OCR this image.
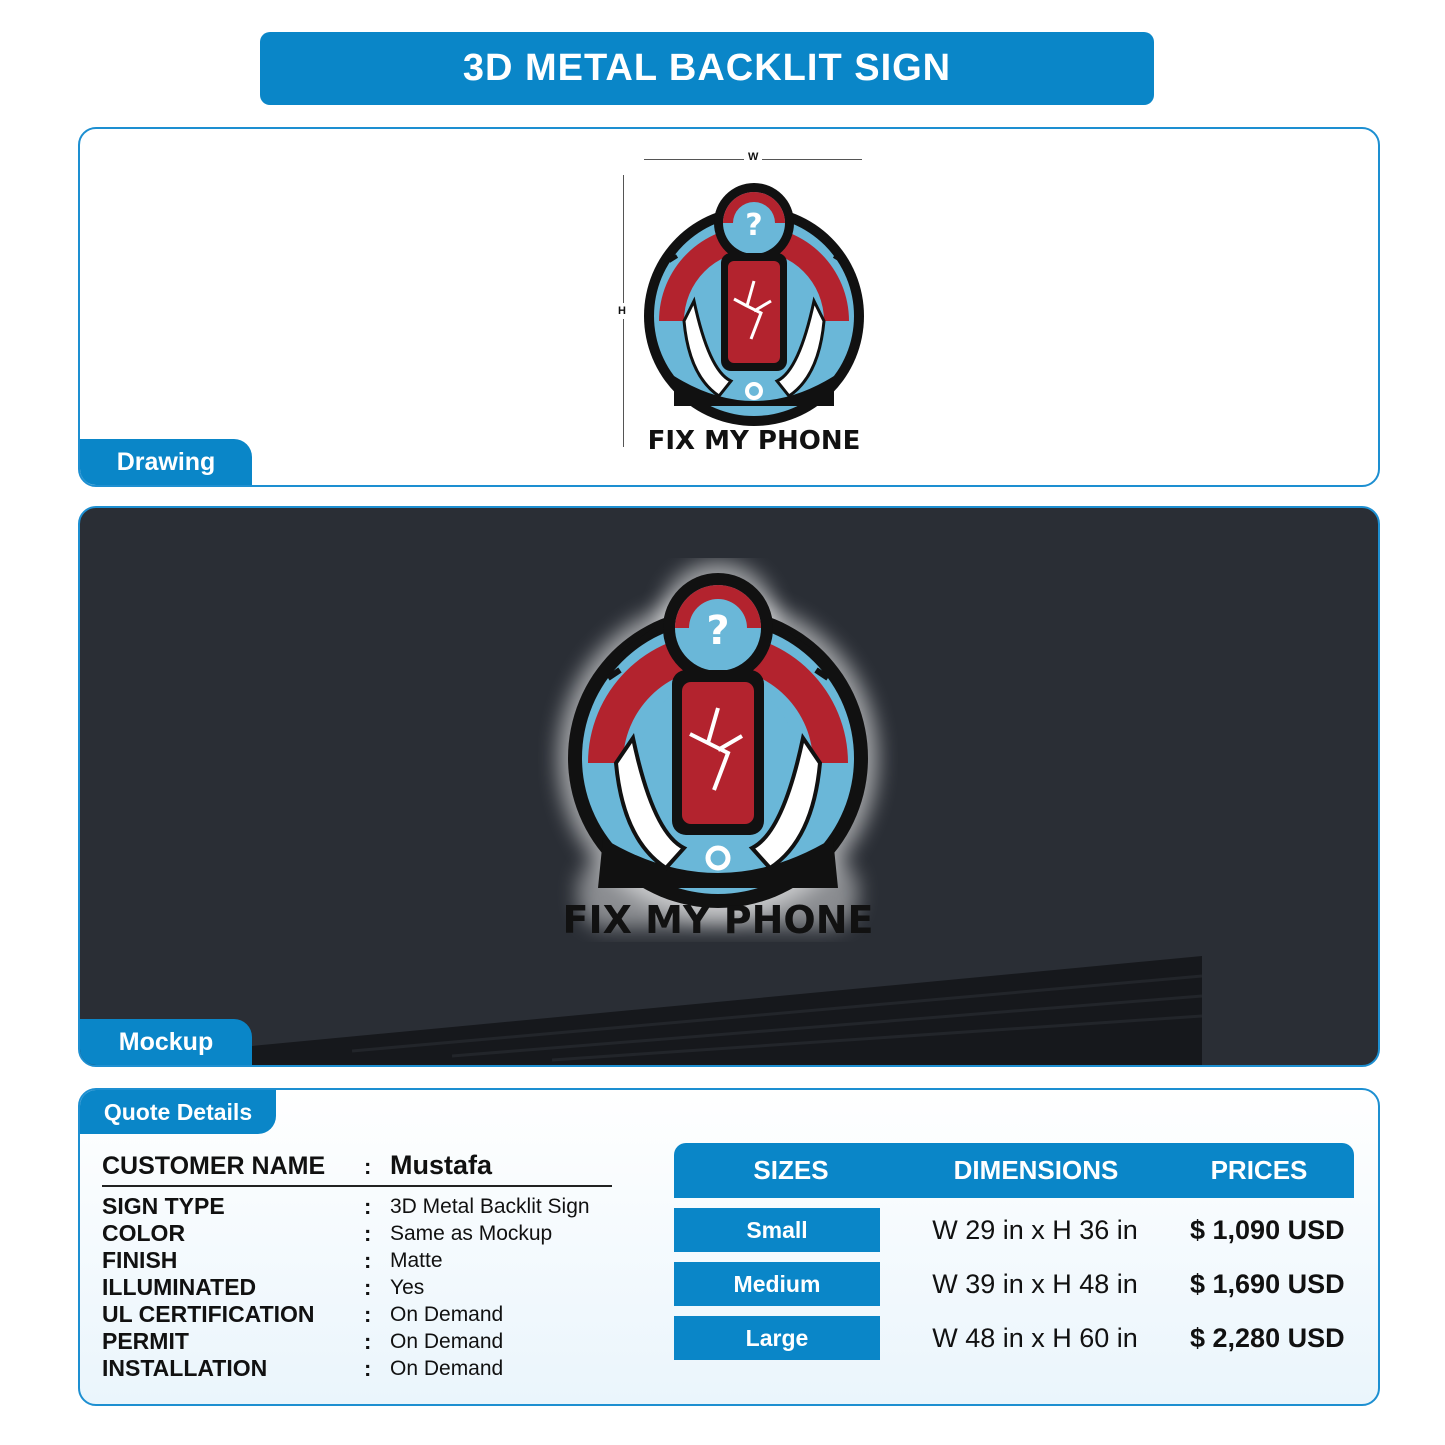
3D METAL BACKLIT SIGN
W
H
?
FIX MY PHONE
Drawing
?
FIX MY PHONE
Mockup
Quote Details
CUSTOMER NAME	: Mustafa
SIGN TYPE	: 3D Metal Backlit Sign
COLOR	: Same as Mockup
FINISH	: Matte
ILLUMINATED	: Yes
UL CERTIFICATION	: On Demand
PERMIT	: On Demand
INSTALLATION	: On Demand
SIZES	DIMENSIONS	PRICES
Small	W 29 in x H 36 in	$ 1,090 USD
Medium	W 39 in x H 48 in	$ 1,690 USD
Large	W 48 in x H 60 in	$ 2,280 USD
